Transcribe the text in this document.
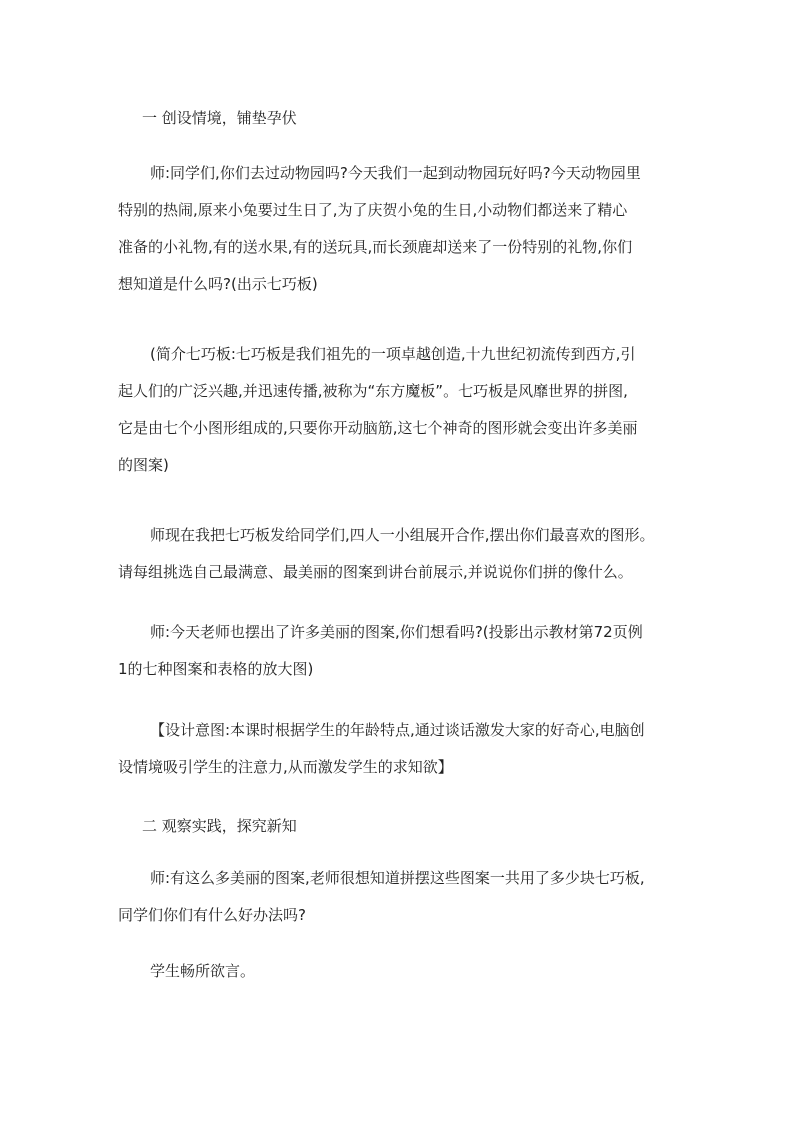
一 创设情境，铺垫孕伏
师:同学们,你们去过动物园吗?今天我们一起到动物园玩好吗?今天动物园里
特别的热闹,原来小兔要过生日了,为了庆贺小兔的生日,小动物们都送来了精心
准备的小礼物,有的送水果,有的送玩具,而长颈鹿却送来了一份特别的礼物,你们
想知道是什么吗?(出示七巧板)
(简介七巧板:七巧板是我们祖先的一项卓越创造,十九世纪初流传到西方,引
起人们的广泛兴趣,并迅速传播,被称为“东方魔板”。七巧板是风靡世界的拼图,
它是由七个小图形组成的,只要你开动脑筋,这七个神奇的图形就会变出许多美丽
的图案)
师现在我把七巧板发给同学们,四人一小组展开合作,摆出你们最喜欢的图形。
请每组挑选自己最满意、最美丽的图案到讲台前展示,并说说你们拼的像什么。
师:今天老师也摆出了许多美丽的图案,你们想看吗?(投影出示教材第72页例
1的七种图案和表格的放大图)
【设计意图:本课时根据学生的年龄特点,通过谈话激发大家的好奇心,电脑创
设情境吸引学生的注意力,从而激发学生的求知欲】
二 观察实践，探究新知
师:有这么多美丽的图案,老师很想知道拼摆这些图案一共用了多少块七巧板,
同学们你们有什么好办法吗?
学生畅所欲言。
